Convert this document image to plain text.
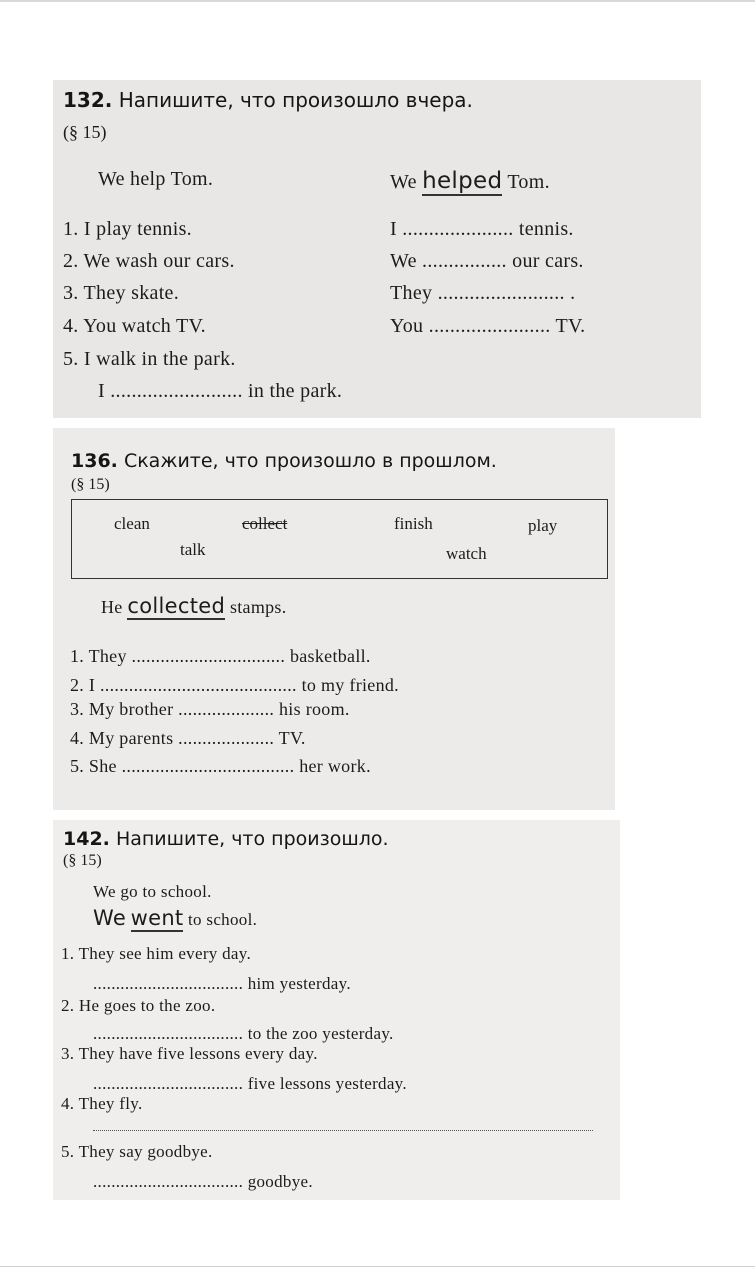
132. Напишите, что произошло вчера.
(§ 15)
We help Tom.	We helped Tom.
1. I play tennis.	I ..................... tennis.
2. We wash our cars.	We ................ our cars.
3. They skate.	They ........................ .
4. You watch TV.	You ....................... TV.
5. I walk in the park.
I ......................... in the park.
136. Скажите, что произошло в прошлом.
(§ 15)
clean	collect	finish	play
talk	watch
He collected stamps.
1. They ................................ basketball.
2. I ......................................... to my friend.
3. My brother .................... his room.
4. My parents .................... TV.
5. She .................................... her work.
142. Напишите, что произошло.
(§ 15)
We go to school.
We went to school.
1. They see him every day.
................................. him yesterday.
2. He goes to the zoo.
................................. to the zoo yesterday.
3. They have five lessons every day.
................................. five lessons yesterday.
4. They fly.
5. They say goodbye.
................................. goodbye.
